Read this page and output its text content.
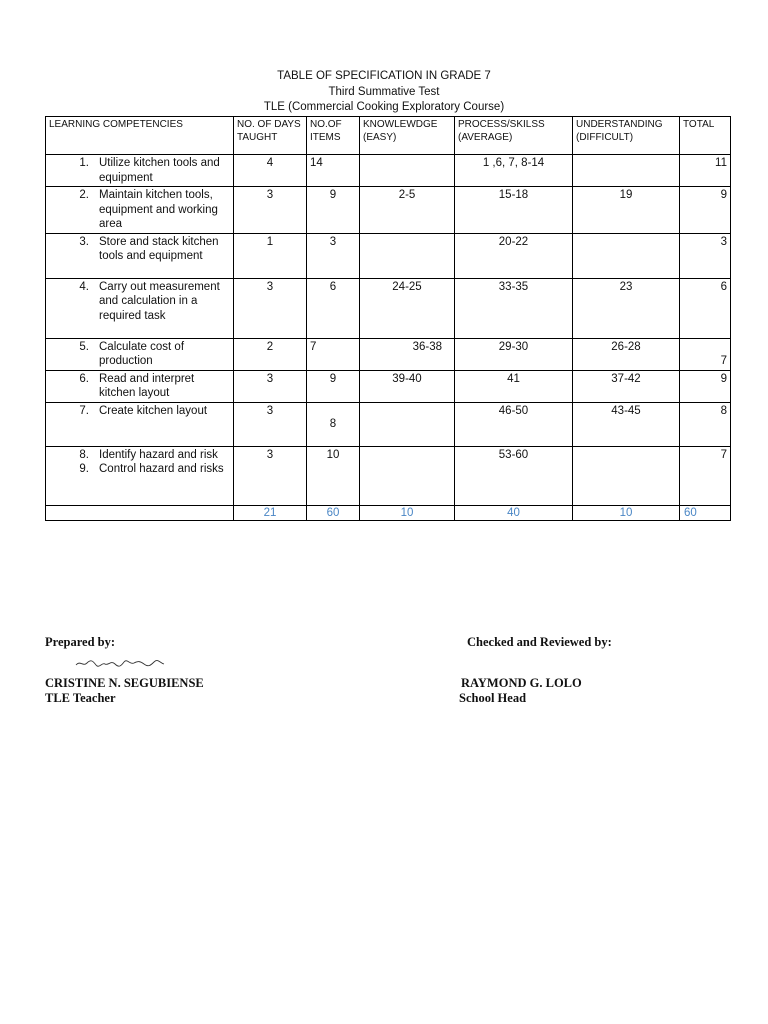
TABLE OF SPECIFICATION IN GRADE 7
Third Summative Test
TLE (Commercial Cooking Exploratory Course)
LEARNING COMPETENCIES	NO. OF DAYS TAUGHT	NO.OF ITEMS	KNOWLEWDGE (EASY)	PROCESS/SKILSS (AVERAGE)	UNDERSTANDING (DIFFICULT)	TOTAL

1. Utilize kitchen tools and equipment	4	14		1 ,6, 7, 8-14		11

2. Maintain kitchen tools, equipment and working area	3	9	2-5	15-18	19	9

3. Store and stack kitchen tools and equipment	1	3		20-22		3

4. Carry out measurement and calculation in a required task	3	6	24-25	33-35	23	6

5. Calculate cost of production	2	7	36-38	29-30	26-28	7

6. Read and interpret kitchen layout	3	9	39-40	41	37-42	9

7. Create kitchen layout	3	8		46-50	43-45	8

8. Identify hazard and risk
9. Control hazard and risks	3	10		53-60		7
	21	60	10	40	10	60
Prepared by:	Checked and Reviewed by:
CRISTINE N. SEGUBIENSE
TLE Teacher
RAYMOND G. LOLO
School Head
